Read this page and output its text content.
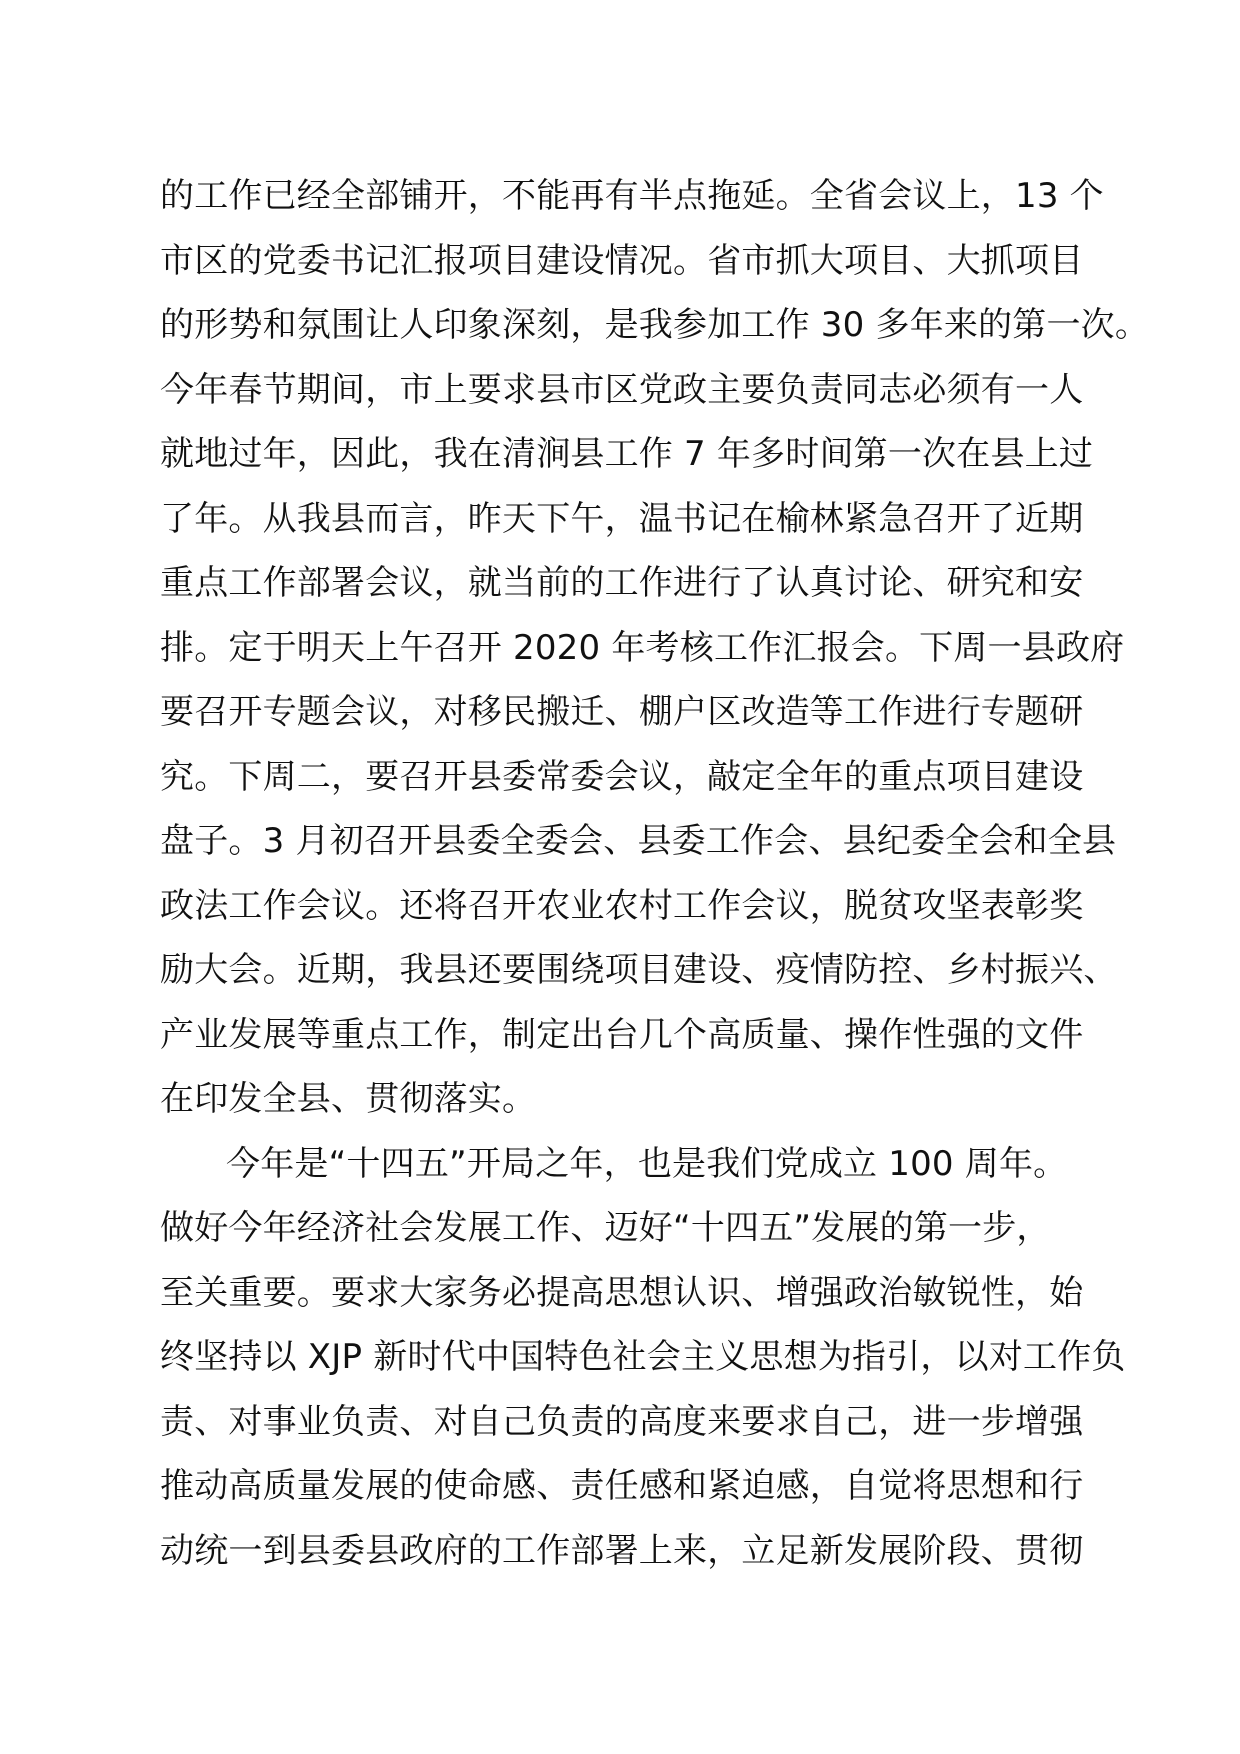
的工作已经全部铺开，不能再有半点拖延。全省会议上，13 个
市区的党委书记汇报项目建设情况。省市抓大项目、大抓项目
的形势和氛围让人印象深刻，是我参加工作 30 多年来的第一次。
今年春节期间，市上要求县市区党政主要负责同志必须有一人
就地过年，因此，我在清涧县工作 7 年多时间第一次在县上过
了年。从我县而言，昨天下午，温书记在榆林紧急召开了近期
重点工作部署会议，就当前的工作进行了认真讨论、研究和安
排。定于明天上午召开 2020 年考核工作汇报会。下周一县政府
要召开专题会议，对移民搬迁、棚户区改造等工作进行专题研
究。下周二，要召开县委常委会议，敲定全年的重点项目建设
盘子。3 月初召开县委全委会、县委工作会、县纪委全会和全县
政法工作会议。还将召开农业农村工作会议，脱贫攻坚表彰奖
励大会。近期，我县还要围绕项目建设、疫情防控、乡村振兴、
产业发展等重点工作，制定出台几个高质量、操作性强的文件
在印发全县、贯彻落实。
今年是“十四五”开局之年，也是我们党成立 100 周年。
做好今年经济社会发展工作、迈好“十四五”发展的第一步，
至关重要。要求大家务必提高思想认识、增强政治敏锐性，始
终坚持以 XJP 新时代中国特色社会主义思想为指引，以对工作负
责、对事业负责、对自己负责的高度来要求自己，进一步增强
推动高质量发展的使命感、责任感和紧迫感，自觉将思想和行
动统一到县委县政府的工作部署上来，立足新发展阶段、贯彻
